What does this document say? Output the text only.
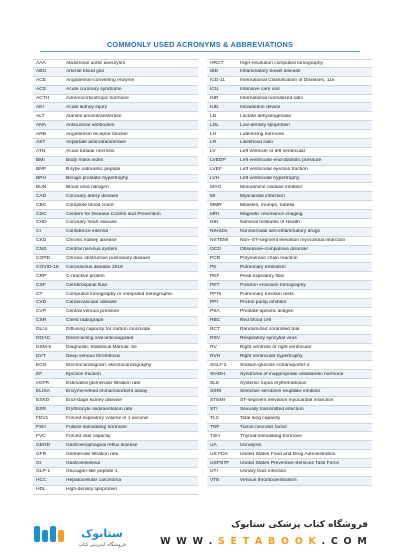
COMMONLY USED ACRONYMS & ABBREVIATIONS
AAA	Abdominal aortic aneurysm
ABG	Arterial blood gas
ACE	Angiotensin-converting enzyme
ACS	Acute coronary syndrome
ACTH	Adrenocorticotropic hormone
AKI	Acute kidney injury
ALT	Alanine aminotransferase
ANA	Antinuclear antibodies
ARB	Angiotensin receptor blocker
AST	Aspartate aminotransferase
ATN	Acute tubular necrosis
BMI	Body mass index
BNP	B-type natriuretic peptide
BPH	Benign prostatic hypertrophy
BUN	Blood urea nitrogen
CAD	Coronary artery disease
CBC	Complete blood count
CDC	Centers for Disease Control and Prevention
CHD	Coronary heart disease
CI	Confidence interval
CKD	Chronic kidney disease
CNS	Central nervous system
COPD	Chronic obstructive pulmonary disease
COVID-19	Coronavirus disease 2019
CRP	C-reactive protein
CSF	Cerebrospinal fluid
CT	Computed tomography or computed tomographic
CVD	Cardiovascular disease
CVP	Central venous pressure
CXR	Chest radiograph
DLco	Diffusing capacity for carbon monoxide
DOAC	Direct-acting oral anticoagulant
DSM-5	Diagnostic Statistical Manual, 5e
DVT	Deep venous thrombosis
ECG	Electrocardiogram; electrocardiography
EF	Ejection fraction
eGFR	Estimated glomerular filtration rate
ELISA	Enzyme-linked immunosorbent assay
ESKD	End-stage kidney disease
ESR	Erythrocyte sedimentation rate
FEV1	Forced expiratory volume in 1 second
FSH	Follicle-stimulating hormone
FVC	Forced vital capacity
GERD	Gastroesophageal reflux disease
GFR	Glomerular filtration rate
GI	Gastrointestinal
GLP-1	Glucagon-like peptide-1
HCC	Hepatocellular carcinoma
HDL	High-density lipoprotein
HRCT	High-resolution computed tomography
IBD	Inflammatory bowel disease
ICD-11	International Classification of Diseases, 11e
ICU	Intensive care unit
INR	International normalized ratio
IUD	Intrauterine device
LD	Lactate dehydrogenase
LDL	Low-density lipoprotein
LH	Luteinizing hormone
LR	Likelihood ratio
LV	Left ventricle or left ventricular
LVEDP	Left ventricular end-diastolic pressure
LVEF	Left ventricular ejection fraction
LVH	Left ventricular hypertrophy
MAO	Monoamine oxidase inhibitor
MI	Myocardial infarction
MMR	Measles, mumps, rubella
MRI	Magnetic resonance imaging
NIH	National Institutes of Health
NSAIDs	Nonsteroidal anti-inflammatory drugs
NSTEMI	Non–ST-segment elevation myocardial infarction
OCD	Obsessive-compulsive disorder
PCR	Polymerase chain reaction
PE	Pulmonary embolism
PEF	Peak expiratory flow
PET	Positron emission tomography
PFTs	Pulmonary function tests
PPI	Proton pump inhibitor
PSA	Prostate-specific antigen
RBC	Red blood cell
RCT	Randomized controlled trial
RSV	Respiratory syncytial virus
RV	Right ventricle or right ventricular
RVH	Right ventricular hypertrophy
SGLT-2	Sodium-glucose cotransporter-2
SIADH	Syndrome of inappropriate antidiuretic hormone
SLE	Systemic lupus erythematosus
SSRI	Selective serotonin reuptake inhibitor
STEMI	ST-segment elevation myocardial infarction
STI	Sexually transmitted infection
TLC	Total lung capacity
TNF	Tumor necrosis factor
TSH	Thyroid-stimulating hormone
UA	Urinalysis
US FDA	United States Food and Drug Administration
USPSTF	United States Preventive Services Task Force
UTI	Urinary tract infection
VTE	Venous thromboembolism
ستابوک
فروشگاه اینترنتی کتاب
فروشگاه کتاب پزشکی ستابوک
W W W . S E T A B O O K . C O M
